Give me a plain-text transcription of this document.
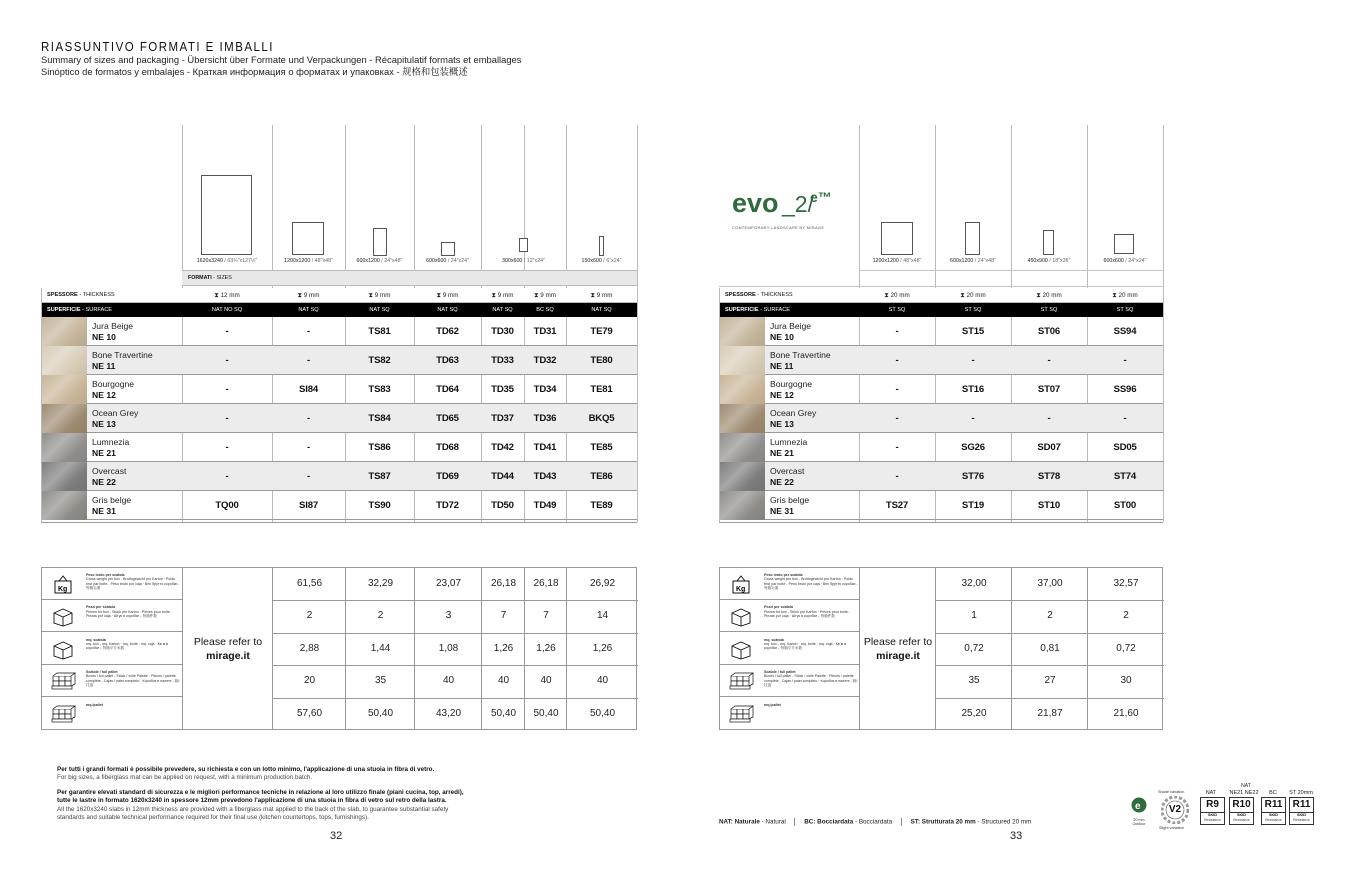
RIASSUNTIVO FORMATI E IMBALLI
Summary of sizes and packaging - Übersicht über Formate und Verpackungen - Récapitulatif formats et emballages
Sinóptico de formatos y embalajes - Краткая информация о форматах и упаковках - 规格和包装概述
1620x3240 / 63¾"x127½"	1200x1200 / 48"x48"	600x1200 / 24"x48"	600x600 / 24"x24"	300x600 / 12"x24"	150x600 / 6"x24"
FORMATI - SIZES
SPESSORE - THICKNESS	⧗ 12 mm	⧗ 9 mm	⧗ 9 mm	⧗ 9 mm	⧗ 9 mm	⧗ 9 mm	⧗ 9 mm
SUPERFICIE - SURFACE	NAT NO SQ	NAT SQ	NAT SQ	NAT SQ	NAT SQ	BC SQ	NAT SQ
Jura Beige
NE 10	-	-	TS81	TD62	TD30	TD31	TE79
Bone Travertine
NE 11	-	-	TS82	TD63	TD33	TD32	TE80
Bourgogne
NE 12	-	SI84	TS83	TD64	TD35	TD34	TE81
Ocean Grey
NE 13	-	-	TS84	TD65	TD37	TD36	BKQ5
Lumnezia
NE 21	-	-	TS86	TD68	TD42	TD41	TE85
Overcast
NE 22	-	-	TS87	TD69	TD44	TD43	TE86
Gris belge
NE 31	TQ00	SI87	TS90	TD72	TD50	TD49	TE89
Kg
Peso lordo per scatola
Gross weight per box - Bruttogewicht pro Karton · Poids brut par boîte - Peso bruto por caja · Вес брутто коробки - 每箱毛重	61,56	32,29	23,07	26,18	26,18	26,92
Pezzi per scatola
Pieces for box - Stück pro Karton · Pièces pour boîte - Piezas por caja · Штук в коробке - 每箱件数	2	2	3	7	7	14
mq. scatola
mq. box - mq. Karton · mq. boîte - mq. caja · Кв.м в коробке - 每箱平方米数	2,88	1,44	1,08	1,26	1,26	1,26
Scatole / full pallet
Boxes / full pallet - Stück / volle Palette · Pièces / palette complète - Cajas / palet completo · Коробок в палете - 箱/托盘	20	35	40	40	40	40
mq./pallet
57,60	50,40	43,20	50,40	50,40	50,40
Please refer to
mirage.it
1200x1200 / 48"x48"	600x1200 / 24"x48"	450x900 / 18"x36"	600x600 / 24"x24"
SPESSORE - THICKNESS	⧗ 20 mm	⧗ 20 mm	⧗ 20 mm	⧗ 20 mm
SUPERFICIE - SURFACE	ST SQ	ST SQ	ST SQ	ST SQ
Jura Beige
NE 10	-	ST15	ST06	SS94
Bone Travertine
NE 11	-	-	-	-
Bourgogne
NE 12	-	ST16	ST07	SS96
Ocean Grey
NE 13	-	-	-	-
Lumnezia
NE 21	-	SG26	SD07	SD05
Overcast
NE 22	-	ST76	ST78	ST74
Gris belge
NE 31	TS27	ST19	ST10	ST00
Kg
Peso lordo per scatola
Gross weight per box - Bruttogewicht pro Karton · Poids brut par boîte - Peso bruto por caja · Вес брутто коробки - 每箱毛重	32,00	37,00	32,57
Pezzi per scatola
Pieces for box - Stück pro Karton · Pièces pour boîte - Piezas por caja · Штук в коробке - 每箱件数	1	2	2
mq. scatola
mq. box - mq. Karton · mq. boîte - mq. caja · Кв.м в коробке - 每箱平方米数	0,72	0,81	0,72
Scatole / full pallet
Boxes / full pallet - Stück / volle Palette · Pièces / palette complète - Cajas / palet completo · Коробок в палете - 箱/托盘	35	27	30
mq./pallet
25,20	21,87	21,60
Please refer to
mirage.it
evo _2/
e™
CONTEMPORARY LANDSCAPE BY MIRAGE
Per tutti i grandi formati è possibile prevedere, su richiesta e con un lotto minimo, l'applicazione di una stuoia in fibra di vetro.
For big sizes, a fiberglass mat can be applied on request, with a minimum production batch.
Per garantire elevati standard di sicurezza e le migliori performance tecniche in relazione al loro utilizzo finale (piani cucina, top, arredi),
tutte le lastre in formato 1620x3240 in spessore 12mm prevedono l'applicazione di una stuoia in fibra di vetro sul retro della lastra.
All the 1620x3240 slabs in 12mm thickness are provided with a fiberglass mat applied to the back of the slab, to guarantee substantial safety
standards and suitable technical performance required for their final use (kitchen countertops, tops, furnishings).
32	33
NAT: Naturale - Natural	BC: Bocciardata - Bocciardata	ST: Strutturata 20 mm - Structured 20 mm
e
20 mm Outdoor
Shade variation
V2
Slight variation
NAT
NAT	NE21 NE22	BC	ST 20mm
R9
SKID
Resistance
R10
SKID
Resistance
R11
SKID
Resistance
R11
SKID
Resistance
